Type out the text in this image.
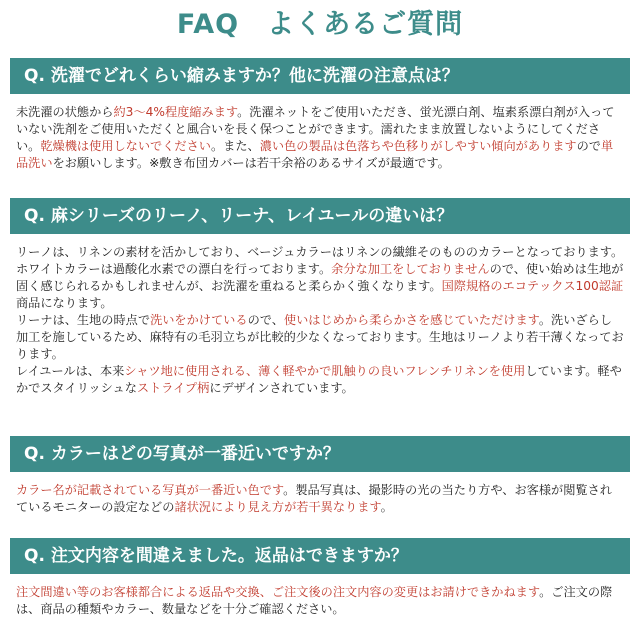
FAQ　よくあるご質問
Q. 洗濯でどれくらい縮みますか？他に洗濯の注意点は？
未洗濯の状態から約3〜4%程度縮みます。洗濯ネットをご使用いただき、蛍光漂白剤、塩素系漂白剤が入っていない洗剤をご使用いただくと風合いを長く保つことができます。濡れたまま放置しないようにしてください。乾燥機は使用しないでください。また、濃い色の製品は色落ちや色移りがしやすい傾向がありますので単品洗いをお願いします。※敷き布団カバーは若干余裕のあるサイズが最適です。
Q. 麻シリーズのリーノ、リーナ、レイユールの違いは？
リーノは、リネンの素材を活かしており、ベージュカラーはリネンの繊維そのもののカラーとなっております。ホワイトカラーは過酸化水素での漂白を行っております。余分な加工をしておりませんので、使い始めは生地が固く感じられるかもしれませんが、お洗濯を重ねると柔らかく強くなります。国際規格のエコテックス100認証商品になります。
リーナは、生地の時点で洗いをかけているので、使いはじめから柔らかさを感じていただけます。洗いざらし加工を施しているため、麻特有の毛羽立ちが比較的少なくなっております。生地はリーノより若干薄くなっております。
レイユールは、本来シャツ地に使用される、薄く軽やかで肌触りの良いフレンチリネンを使用しています。軽やかでスタイリッシュなストライプ柄にデザインされています。
Q. カラーはどの写真が一番近いですか？
カラー名が記載されている写真が一番近い色です。製品写真は、撮影時の光の当たり方や、お客様が閲覧されているモニターの設定などの諸状況により見え方が若干異なります。
Q. 注文内容を間違えました。返品はできますか？
注文間違い等のお客様都合による返品や交換、ご注文後の注文内容の変更はお請けできかねます。ご注文の際は、商品の種類やカラー、数量などを十分ご確認ください。
